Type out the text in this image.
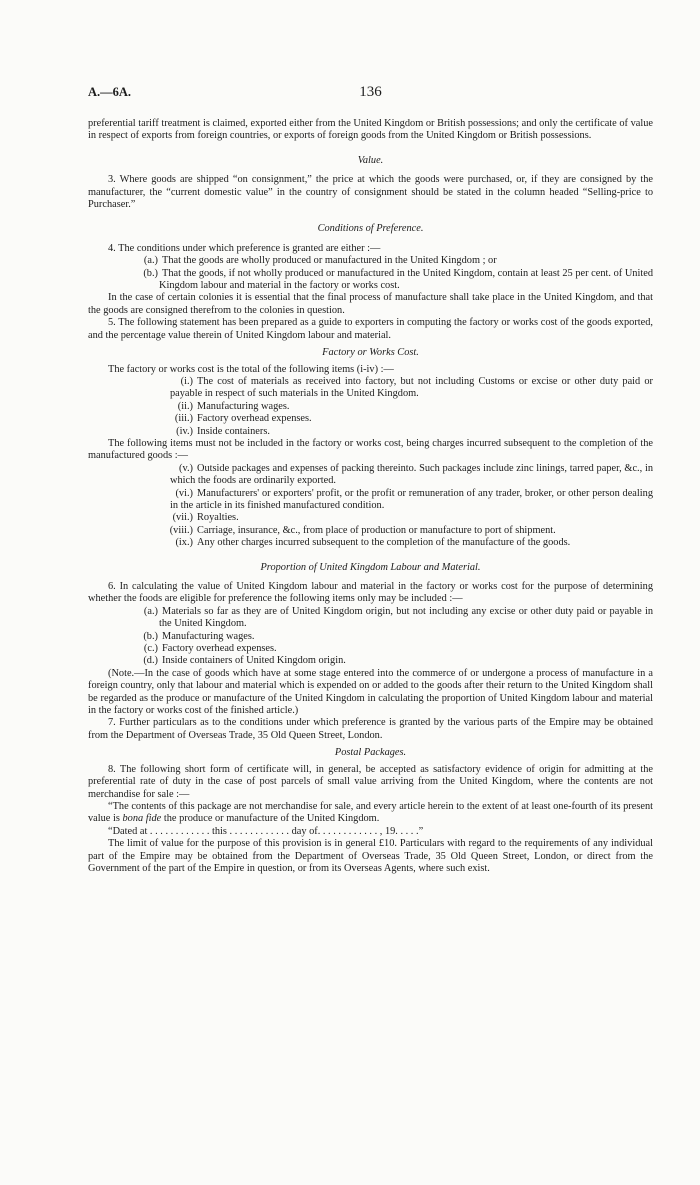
A.—6A.	136

preferential tariff treatment is claimed, exported either from the United Kingdom or British possessions; and only the certificate of value in respect of exports from foreign countries, or exports of foreign goods from the United Kingdom or British possessions.

Value.

3. Where goods are shipped “on consignment,” the price at which the goods were purchased, or, if they are consigned by the manufacturer, the “current domestic value” in the country of consignment should be stated in the column headed “Selling-price to Purchaser.”

Conditions of Preference.

4. The conditions under which preference is granted are either :—

(a.) That the goods are wholly produced or manufactured in the United Kingdom ; or

(b.) That the goods, if not wholly produced or manufactured in the United Kingdom, contain at least 25 per cent. of United Kingdom labour and material in the factory or works cost.

In the case of certain colonies it is essential that the final process of manufacture shall take place in the United Kingdom, and that the goods are consigned therefrom to the colonies in question.

5. The following statement has been prepared as a guide to exporters in computing the factory or works cost of the goods exported, and the percentage value therein of United Kingdom labour and material.

Factory or Works Cost.

The factory or works cost is the total of the following items (i-iv) :—

(i.) The cost of materials as received into factory, but not including Customs or excise or other duty paid or payable in respect of such materials in the United Kingdom.

(ii.) Manufacturing wages.

(iii.) Factory overhead expenses.

(iv.) Inside containers.

The following items must not be included in the factory or works cost, being charges incurred subsequent to the completion of the manufactured goods :—

(v.) Outside packages and expenses of packing thereinto. Such packages include zinc linings, tarred paper, &c., in which the foods are ordinarily exported.

(vi.) Manufacturers' or exporters' profit, or the profit or remuneration of any trader, broker, or other person dealing in the article in its finished manufactured condition.

(vii.) Royalties.

(viii.) Carriage, insurance, &c., from place of production or manufacture to port of shipment.

(ix.) Any other charges incurred subsequent to the completion of the manufacture of the goods.

Proportion of United Kingdom Labour and Material.

6. In calculating the value of United Kingdom labour and material in the factory or works cost for the purpose of determining whether the foods are eligible for preference the following items only may be included :—

(a.) Materials so far as they are of United Kingdom origin, but not including any excise or other duty paid or payable in the United Kingdom.

(b.) Manufacturing wages.

(c.) Factory overhead expenses.

(d.) Inside containers of United Kingdom origin.

(Note.—In the case of goods which have at some stage entered into the commerce of or undergone a process of manufacture in a foreign country, only that labour and material which is expended on or added to the goods after their return to the United Kingdom shall be regarded as the produce or manufacture of the United Kingdom in calculating the proportion of United Kingdom labour and material in the factory or works cost of the finished article.)

7. Further particulars as to the conditions under which preference is granted by the various parts of the Empire may be obtained from the Department of Overseas Trade, 35 Old Queen Street, London.

Postal Packages.

8. The following short form of certificate will, in general, be accepted as satisfactory evidence of origin for admitting at the preferential rate of duty in the case of post parcels of small value arriving from the United Kingdom, where the contents are not merchandise for sale :—

“The contents of this package are not merchandise for sale, and every article herein to the extent of at least one-fourth of its present value is bona fide the produce or manufacture of the United Kingdom.

“Dated at . . . . . . . . . . . . this . . . . . . . . . . . . day of. . . . . . . . . . . . , 19. . . . .”

The limit of value for the purpose of this provision is in general £10. Particulars with regard to the requirements of any individual part of the Empire may be obtained from the Department of Overseas Trade, 35 Old Queen Street, London, or direct from the Government of the part of the Empire in question, or from its Overseas Agents, where such exist.
